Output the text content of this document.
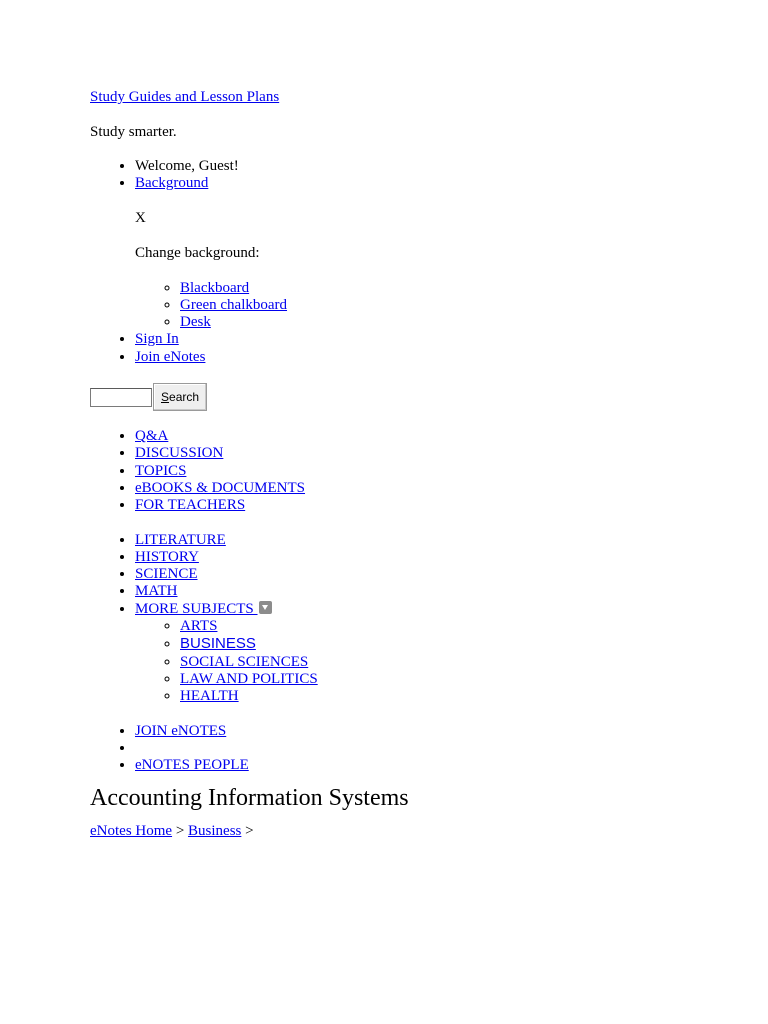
Study Guides and Lesson Plans

Study smarter.

• Welcome, Guest!
• Background

X

Change background:

◦ Blackboard
◦ Green chalkboard
◦ Desk
• Sign In
• Join eNotes
Search
• Q&A
• DISCUSSION
• TOPICS
• eBOOKS & DOCUMENTS
• FOR TEACHERS
• LITERATURE
• HISTORY
• SCIENCE
• MATH
• MORE SUBJECTS
◦ ARTS
◦ BUSINESS
◦ SOCIAL SCIENCES
◦ LAW AND POLITICS
◦ HEALTH
• JOIN eNOTES
•
• eNOTES PEOPLE
Accounting Information Systems

eNotes Home > Business >
